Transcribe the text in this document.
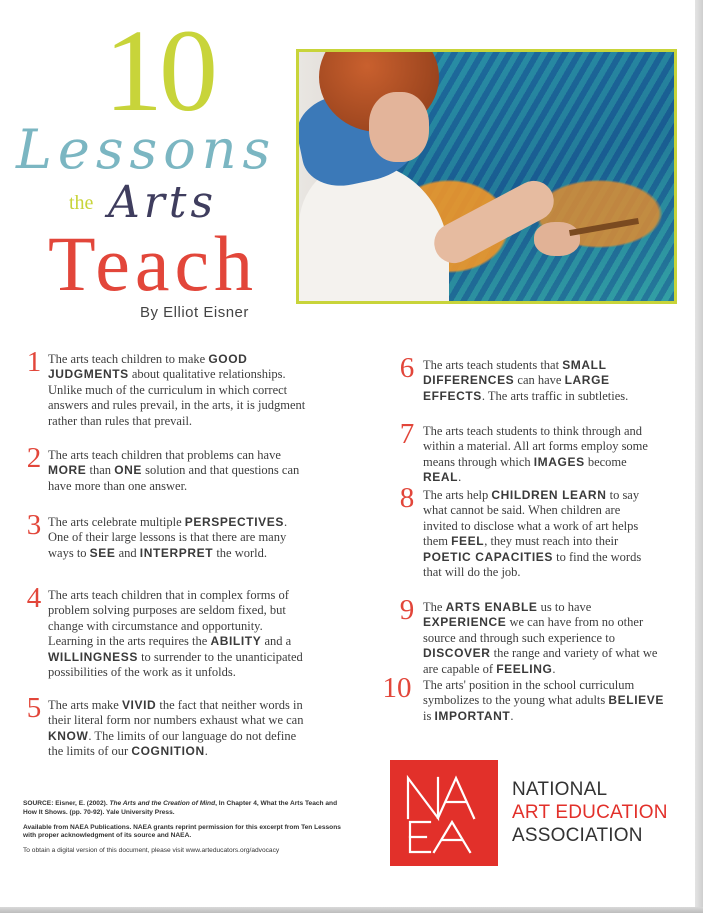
10
Lessons
the Arts
Teach
By Elliot Eisner
1 The arts teach children to make GOOD JUDGMENTS about qualitative relationships. Unlike much of the curriculum in which correct answers and rules prevail, in the arts, it is judgment rather than rules that prevail.
2 The arts teach children that problems can have MORE than ONE solution and that questions can have more than one answer.
3 The arts celebrate multiple PERSPECTIVES. One of their large lessons is that there are many ways to SEE and INTERPRET the world.
4 The arts teach children that in complex forms of problem solving purposes are seldom fixed, but change with circumstance and opportunity. Learning in the arts requires the ABILITY and a WILLINGNESS to surrender to the unanticipated possibilities of the work as it unfolds.
5 The arts make VIVID the fact that neither words in their literal form nor numbers exhaust what we can KNOW. The limits of our language do not define the limits of our COGNITION.
6 The arts teach students that SMALL DIFFERENCES can have LARGE EFFECTS. The arts traffic in subtleties.
7 The arts teach students to think through and within a material. All art forms employ some means through which IMAGES become REAL.
8 The arts help CHILDREN LEARN to say what cannot be said. When children are invited to disclose what a work of art helps them FEEL, they must reach into their POETIC CAPACITIES to find the words that will do the job.
9 The ARTS ENABLE us to have EXPERIENCE we can have from no other source and through such experience to DISCOVER the range and variety of what we are capable of FEELING.
10 The arts' position in the school curriculum symbolizes to the young what adults BELIEVE is IMPORTANT.

SOURCE: Eisner, E. (2002). The Arts and the Creation of Mind, In Chapter 4, What the Arts Teach and How It Shows. (pp. 70-92). Yale University Press.

Available from NAEA Publications. NAEA grants reprint permission for this excerpt from Ten Lessons with proper acknowledgment of its source and NAEA.

To obtain a digital version of this document, please visit www.arteducators.org/advocacy

NATIONAL
ART EDUCATION
ASSOCIATION
